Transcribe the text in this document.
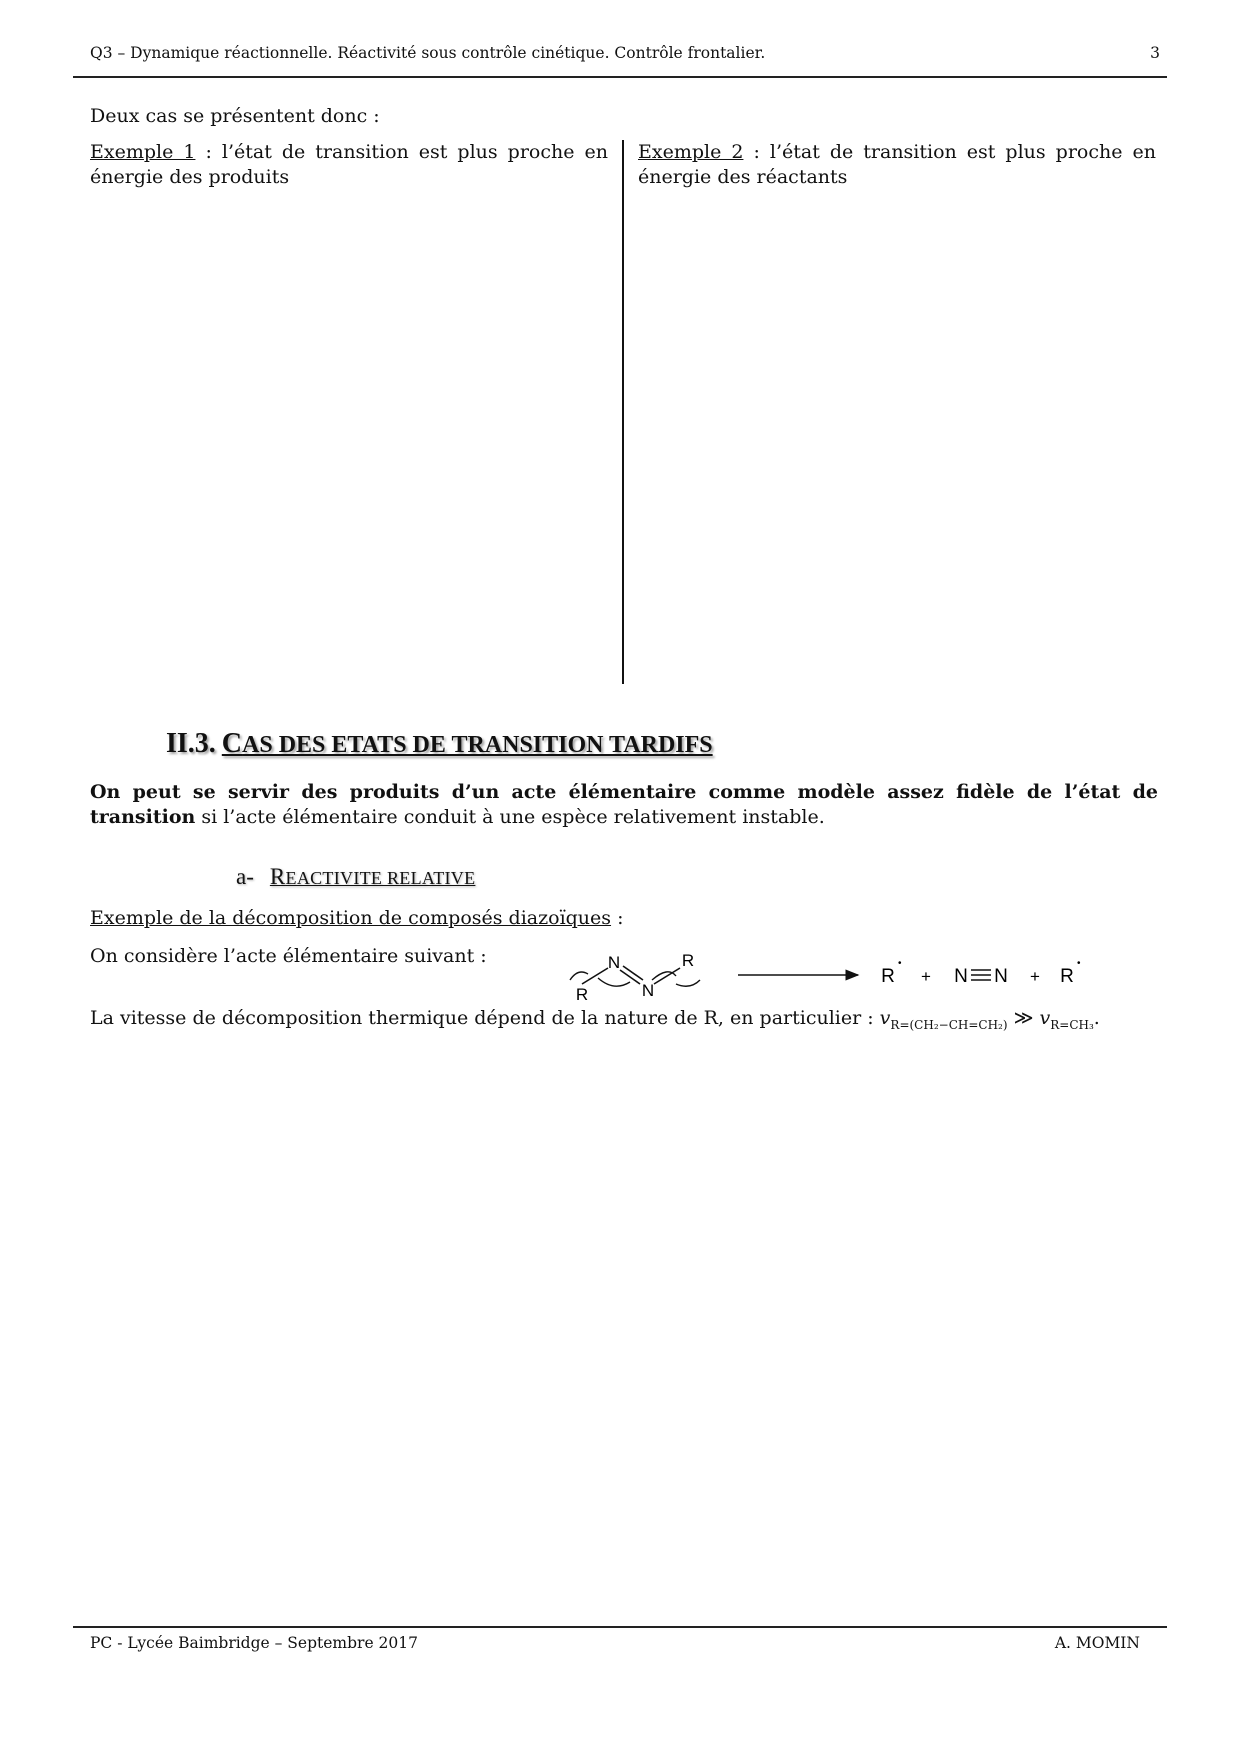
Q3 – Dynamique réactionnelle. Réactivité sous contrôle cinétique. Contrôle frontalier.	3
Deux cas se présentent donc :
Exemple 1 : l’état de transition est plus proche en énergie des produits
Exemple 2 : l’état de transition est plus proche en énergie des réactants
II.3. CAS DES ETATS DE TRANSITION TARDIFS
On peut se servir des produits d’un acte élémentaire comme modèle assez fidèle de l’état de transition si l’acte élémentaire conduit à une espèce relativement instable.
a- REACTIVITE RELATIVE
Exemple de la décomposition de composés diazoïques :
On considère l’acte élémentaire suivant :	N
N
R
R
R
•
+ N N + R
•
La vitesse de décomposition thermique dépend de la nature de R, en particulier : $v_{R=(CH_2-CH=CH_2)}$ ≫ $v_{R=CH_3}$.
PC - Lycée Baimbridge – Septembre 2017	A. MOMIN
